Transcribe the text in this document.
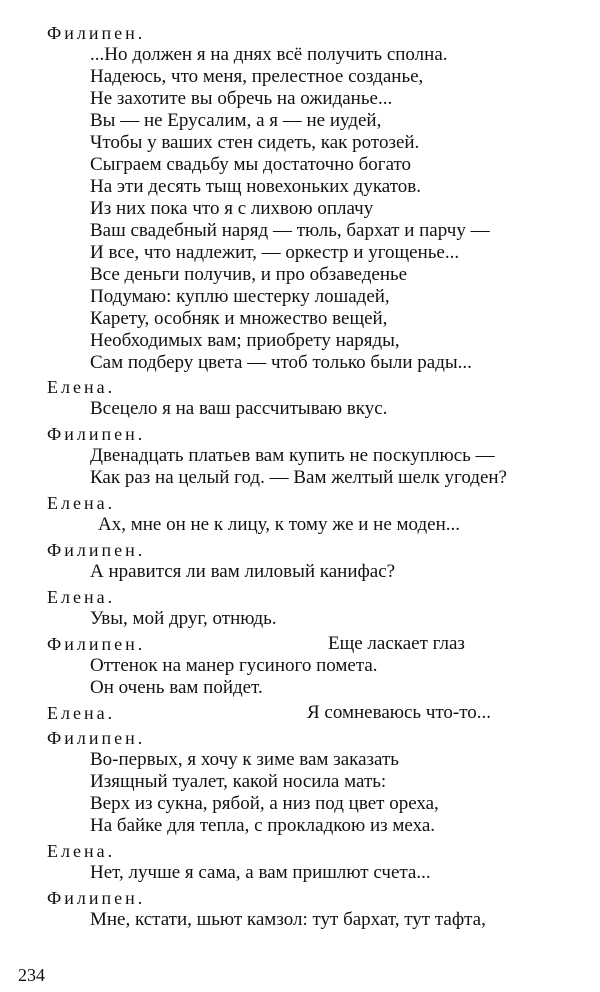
Филипен.
...Но должен я на днях всё получить сполна.
Надеюсь, что меня, прелестное созданье,
Не захотите вы обречь на ожиданье...
Вы — не Ерусалим, а я — не иудей,
Чтобы у ваших стен сидеть, как ротозей.
Сыграем свадьбу мы достаточно богато
На эти десять тыщ новехоньких дукатов.
Из них пока что я с лихвою оплачу
Ваш свадебный наряд — тюль, бархат и парчу —
И все, что надлежит, — оркестр и угощенье...
Все деньги получив, и про обзаведенье
Подумаю: куплю шестерку лошадей,
Карету, особняк и множество вещей,
Необходимых вам; приобрету наряды,
Сам подберу цвета — чтоб только были рады...
Елена.
Всецело я на ваш рассчитываю вкус.
Филипен.
Двенадцать платьев вам купить не поскуплюсь —
Как раз на целый год. — Вам желтый шелк угоден?
Елена.
Ах, мне он не к лицу, к тому же и не моден...
Филипен.
А нравится ли вам лиловый канифас?
Елена.
Увы, мой друг, отнюдь.
Филипен.	Еще ласкает глаз
Оттенок на манер гусиного помета.
Он очень вам пойдет.
Елена.	Я сомневаюсь что-то...
Филипен.
Во-первых, я хочу к зиме вам заказать
Изящный туалет, какой носила мать:
Верх из сукна, рябой, а низ под цвет ореха,
На байке для тепла, с прокладкою из меха.
Елена.
Нет, лучше я сама, а вам пришлют счета...
Филипен.
Мне, кстати, шьют камзол: тут бархат, тут тафта,
234
